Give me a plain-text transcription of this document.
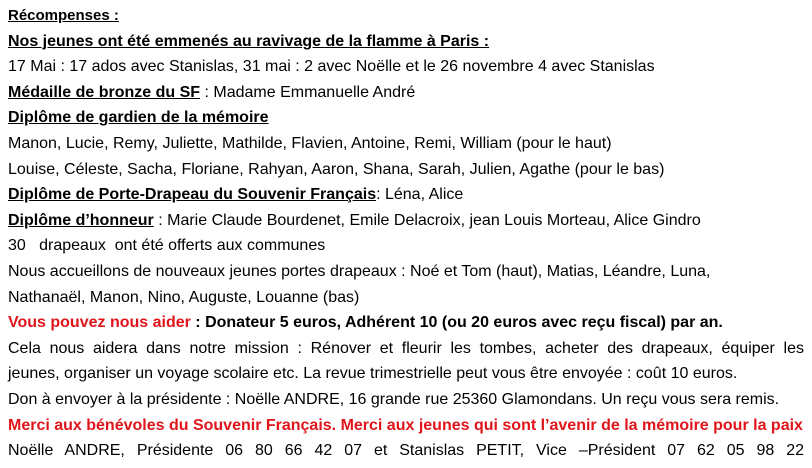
Récompenses :
Nos jeunes ont été emmenés au ravivage de la flamme à Paris :
17 Mai : 17 ados avec Stanislas, 31 mai : 2 avec Noëlle et le 26 novembre 4 avec Stanislas
Médaille de bronze du SF : Madame Emmanuelle André
Diplôme de gardien de la mémoire
Manon, Lucie, Remy, Juliette, Mathilde, Flavien, Antoine, Remi, William (pour le haut)
Louise, Céleste, Sacha, Floriane, Rahyan, Aaron, Shana, Sarah, Julien, Agathe (pour le bas)
Diplôme de Porte-Drapeau du Souvenir Français: Léna, Alice
Diplôme d’honneur : Marie Claude Bourdenet, Emile Delacroix, jean Louis Morteau, Alice Gindro
30   drapeaux  ont été offerts aux communes
Nous accueillons de nouveaux jeunes portes drapeaux : Noé et Tom (haut), Matias, Léandre, Luna,
Nathanaël, Manon, Nino, Auguste, Louanne (bas)
Vous pouvez nous aider : Donateur 5 euros, Adhérent 10 (ou 20 euros avec reçu fiscal) par an.
Cela nous aidera dans notre mission : Rénover et fleurir les tombes, acheter des drapeaux, équiper les
jeunes, organiser un voyage scolaire etc. La revue trimestrielle peut vous être envoyée : coût 10 euros.
Don à envoyer à la présidente : Noëlle ANDRE, 16 grande rue 25360 Glamondans. Un reçu vous sera remis.
Merci aux bénévoles du Souvenir Français. Merci aux jeunes qui sont l’avenir de la mémoire pour la paix
Noëlle ANDRE, Présidente 06 80 66 42 07 et Stanislas PETIT, Vice –Président 07 62 05 98 22
